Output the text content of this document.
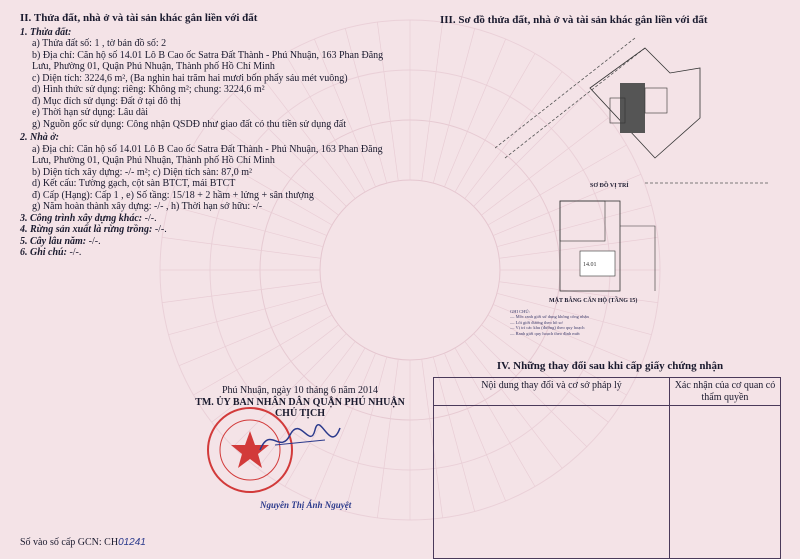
II. Thửa đất, nhà ở và tài sản khác gắn liền với đất

1. Thửa đất:
a) Thửa đất số: 1 , tờ bản đồ số: 2
b) Địa chỉ: Căn hộ số 14.01 Lô B Cao ốc Satra Đất Thành - Phú Nhuận, 163 Phan Đăng
Lưu, Phường 01, Quận Phú Nhuận, Thành phố Hồ Chí Minh
c) Diện tích: 3224,6 m², (Ba nghìn hai trăm hai mươi bốn phẩy sáu mét vuông)
d) Hình thức sử dụng: riêng: Không m²; chung: 3224,6 m²
đ) Mục đích sử dụng: Đất ở tại đô thị
e) Thời hạn sử dụng: Lâu dài
g) Nguồn gốc sử dụng: Công nhận QSDĐ như giao đất có thu tiền sử dụng đất
2. Nhà ở:
a) Địa chỉ: Căn hộ số 14.01 Lô B Cao ốc Satra Đất Thành - Phú Nhuận, 163 Phan Đăng
Lưu, Phường 01, Quận Phú Nhuận, Thành phố Hồ Chí Minh
b) Diện tích xây dựng: -/- m²; c) Diện tích sàn: 87,0 m²
d) Kết cấu: Tường gạch, cột sàn BTCT, mái BTCT
đ) Cấp (Hạng): Cấp 1 , e) Số tầng: 15/18 + 2 hầm + lửng + sân thượng
g) Năm hoàn thành xây dựng: -/- , h) Thời hạn sở hữu: -/-
3. Công trình xây dựng khác: -/-.
4. Rừng sản xuất là rừng trồng: -/-.
5. Cây lâu năm: -/-.
6. Ghi chú: -/-.
Phú Nhuận, ngày 10 tháng 6 năm 2014
TM. ỦY BAN NHÂN DÂN QUẬN PHÚ NHUẬN
CHỦ TỊCH
Nguyễn Thị Ánh Nguyệt
Số vào số cấp GCN: CH01241
III. Sơ đồ thửa đất, nhà ở và tài sản khác gắn liền với đất
SƠ ĐỒ VỊ TRÍ
14.01
MẶT BẰNG CĂN HỘ (TẦNG 15)
GHI CHÚ:
— Mốc ranh giới sử dụng không công nhận
— Lối giới đường theo hồ sơ
— Vị trí các khu (đường) theo quy hoạch
— Ranh giới quy hoạch theo định mức
IV. Những thay đổi sau khi cấp giấy chứng nhận
Nội dung thay đổi và cơ sở pháp lý	Xác nhận của cơ quan có thẩm quyền
